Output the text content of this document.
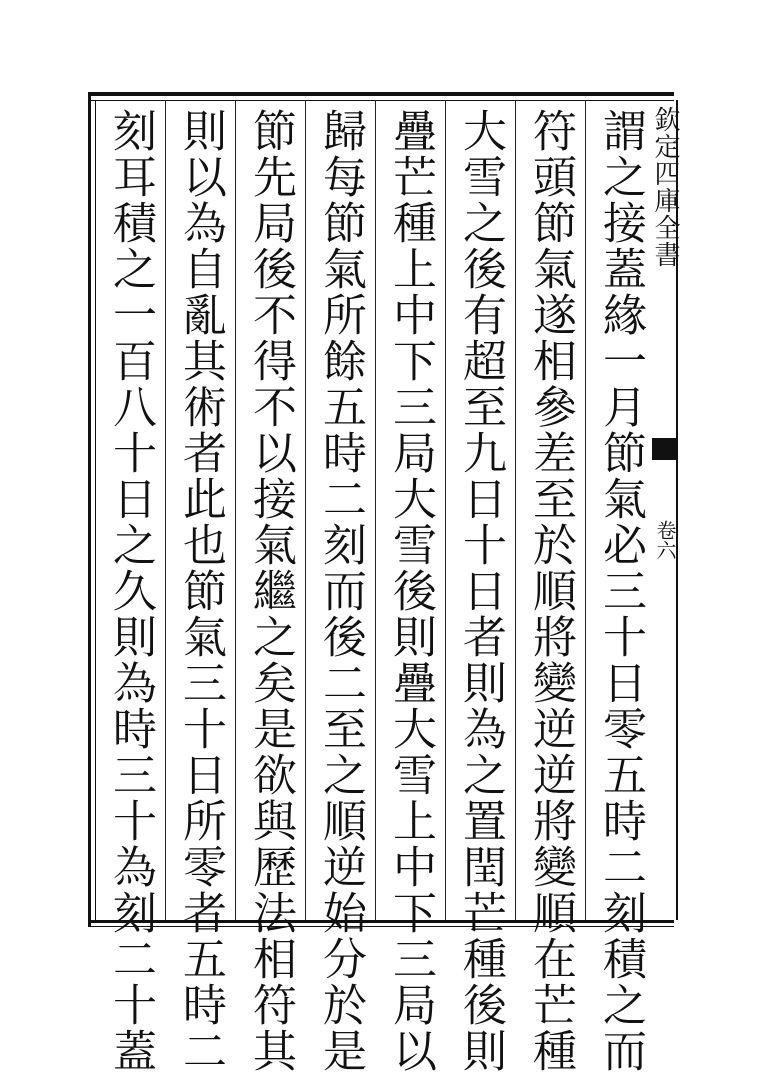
欽定四庫全書
卷六
謂之接蓋緣一月節氣必三十日零五時二刻積之而
符頭節氣遂相參差至於順將變逆逆將變順在芒種
大雪之後有超至九日十日者則為之置閏芒種後則
疊芒種上中下三局大雪後則疊大雪上中下三局以
歸每節氣所餘五時二刻而後二至之順逆始分於是
節先局後不得不以接氣繼之矣是欲與歷法相符其
則以為自亂其術者此也節氣三十日所零者五時二
刻耳積之一百八十日之久則為時三十為刻二十蓋
